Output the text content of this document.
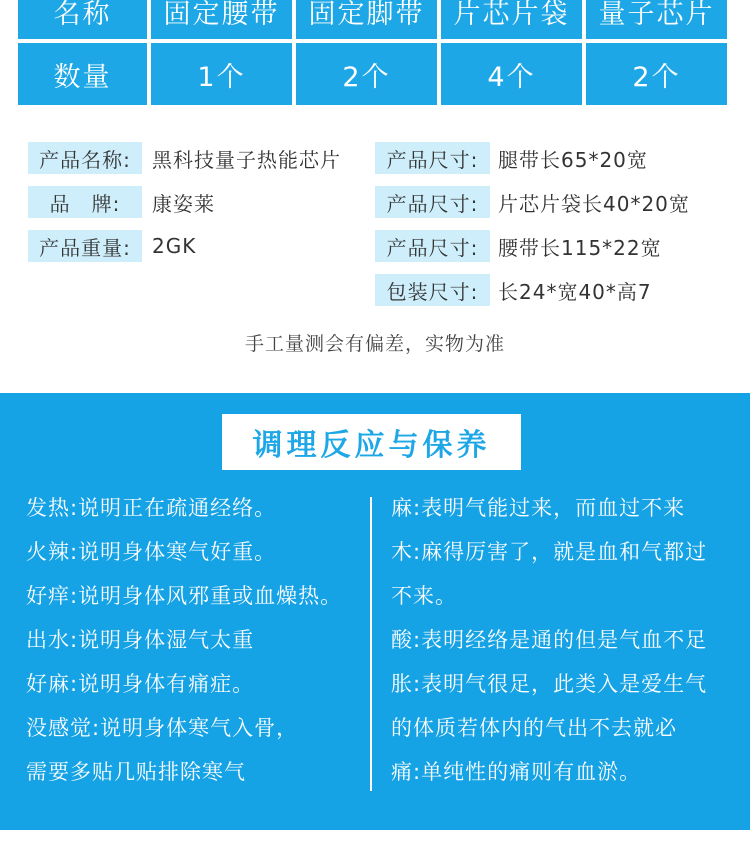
名称	固定腰带	固定脚带	片芯片袋	量子芯片
数量	1个	2个	4个	2个
产品名称:	黑科技量子热能芯片
品　牌:	康姿莱
产品重量:	2GK
产品尺寸: 腿带长65*20宽
产品尺寸: 片芯片袋长40*20宽
产品尺寸: 腰带长115*22宽
包装尺寸: 长24*宽40*高7
手工量测会有偏差，实物为准
调理反应与保养
发热:说明正在疏通经络。
火辣:说明身体寒气好重。
好痒:说明身体风邪重或血燥热。
出水:说明身体湿气太重
好麻:说明身体有痛症。
没感觉:说明身体寒气入骨，
需要多贴几贴排除寒气
麻:表明气能过来，而血过不来
木:麻得厉害了，就是血和气都过
不来。
酸:表明经络是通的但是气血不足
胀:表明气很足，此类入是爱生气
的体质若体内的气出不去就必
痛:单纯性的痛则有血淤。
